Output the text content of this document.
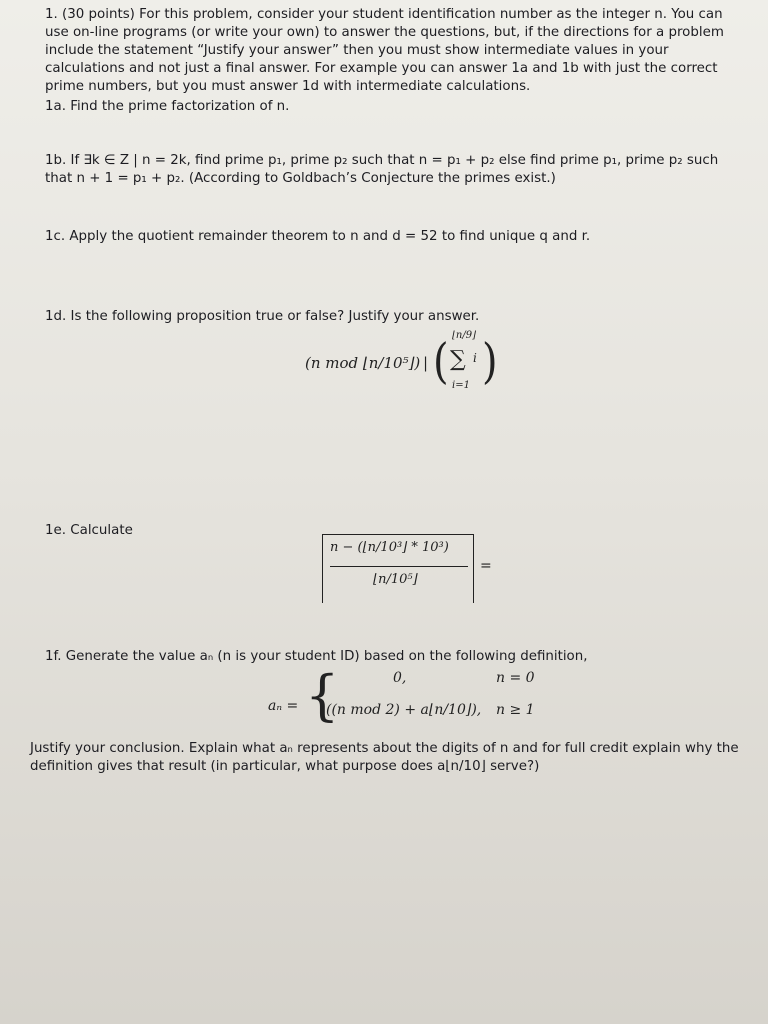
1. (30 points) For this problem, consider your student identification number as the integer n. You can use on-line programs (or write your own) to answer the questions, but, if the directions for a problem include the statement “Justify your answer” then you must show intermediate values in your calculations and not just a final answer. For example you can answer 1a and 1b with just the correct prime numbers, but you must answer 1d with intermediate calculations.

1a. Find the prime factorization of n.

1b. If ∃k ∈ Z | n = 2k, find prime p₁, prime p₂ such that n = p₁ + p₂ else find prime p₁, prime p₂ such that n + 1 = p₁ + p₂. (According to Goldbach’s Conjecture the primes exist.)

1c. Apply the quotient remainder theorem to n and d = 52 to find unique q and r.

1d. Is the following proposition true or false? Justify your answer.

(n mod ⌊n/10⁵⌋) | ( ⌊n/9⌋
∑ i
i=1 )

1e. Calculate

n − (⌊n/10³⌋ * 10³)
⌊n/10⁵⌋
=

1f. Generate the value aₙ (n is your student ID) based on the following definition,

aₙ = {	0,	n = 0
((n mod 2) + a⌊n/10⌋), n ≥ 1

Justify your conclusion. Explain what aₙ represents about the digits of n and for full credit explain why the definition gives that result (in particular, what purpose does a⌊n/10⌋ serve?)
